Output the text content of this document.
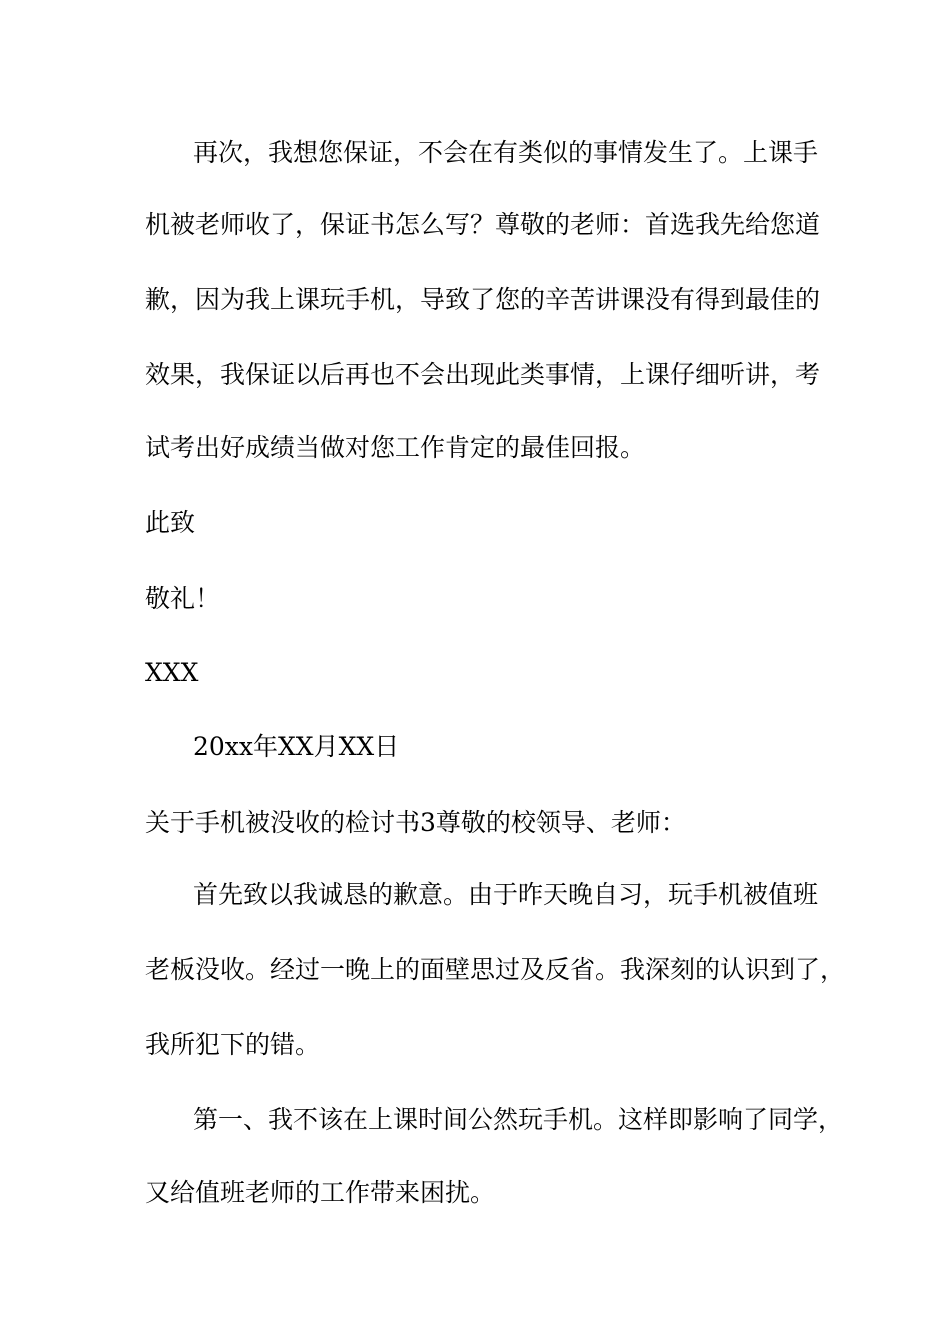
再次，我想您保证，不会在有类似的事情发生了。上课手
机被老师收了，保证书怎么写？尊敬的老师：首选我先给您道
歉，因为我上课玩手机，导致了您的辛苦讲课没有得到最佳的
效果，我保证以后再也不会出现此类事情，上课仔细听讲，考
试考出好成绩当做对您工作肯定的最佳回报。
此致
敬礼！
XXX
20xx年XX月XX日
关于手机被没收的检讨书3尊敬的校领导、老师：
首先致以我诚恳的歉意。由于昨天晚自习，玩手机被值班
老板没收。经过一晚上的面壁思过及反省。我深刻的认识到了，
我所犯下的错。
第一、我不该在上课时间公然玩手机。这样即影响了同学，
又给值班老师的工作带来困扰。
